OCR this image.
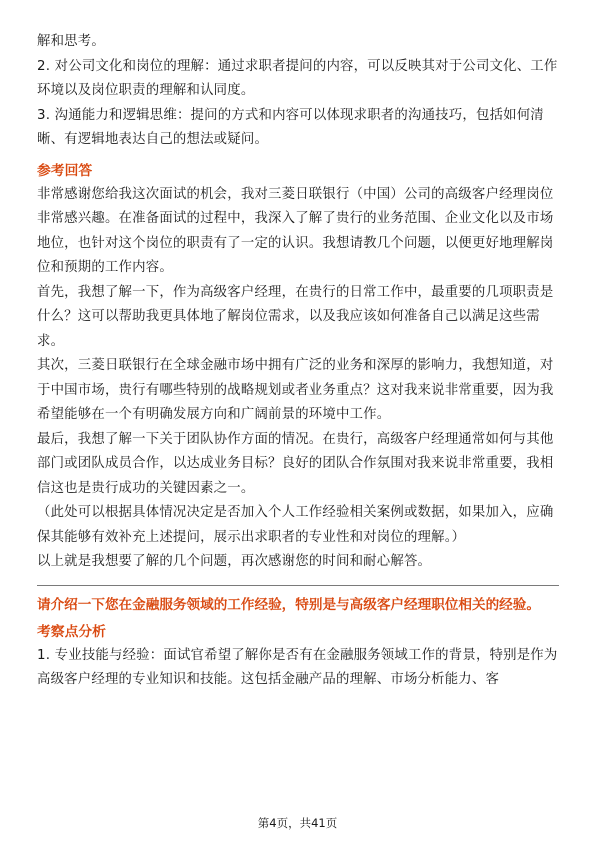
解和思考。

2. 对公司文化和岗位的理解：通过求职者提问的内容，可以反映其对于公司文化、工作环境以及岗位职责的理解和认同度。

3. 沟通能力和逻辑思维：提问的方式和内容可以体现求职者的沟通技巧，包括如何清晰、有逻辑地表达自己的想法或疑问。

参考回答

非常感谢您给我这次面试的机会，我对三菱日联银行（中国）公司的高级客户经理岗位非常感兴趣。在准备面试的过程中，我深入了解了贵行的业务范围、企业文化以及市场地位，也针对这个岗位的职责有了一定的认识。我想请教几个问题，以便更好地理解岗位和预期的工作内容。

首先，我想了解一下，作为高级客户经理，在贵行的日常工作中，最重要的几项职责是什么？这可以帮助我更具体地了解岗位需求，以及我应该如何准备自己以满足这些需求。

其次，三菱日联银行在全球金融市场中拥有广泛的业务和深厚的影响力，我想知道，对于中国市场，贵行有哪些特别的战略规划或者业务重点？这对我来说非常重要，因为我希望能够在一个有明确发展方向和广阔前景的环境中工作。

最后，我想了解一下关于团队协作方面的情况。在贵行，高级客户经理通常如何与其他部门或团队成员合作，以达成业务目标？良好的团队合作氛围对我来说非常重要，我相信这也是贵行成功的关键因素之一。

（此处可以根据具体情况决定是否加入个人工作经验相关案例或数据，如果加入，应确保其能够有效补充上述提问，展示出求职者的专业性和对岗位的理解。）

以上就是我想要了解的几个问题，再次感谢您的时间和耐心解答。

请介绍一下您在金融服务领域的工作经验，特别是与高级客户经理职位相关的经验。

考察点分析

1. 专业技能与经验：面试官希望了解你是否有在金融服务领域工作的背景，特别是作为高级客户经理的专业知识和技能。这包括金融产品的理解、市场分析能力、客

第4页，共41页
